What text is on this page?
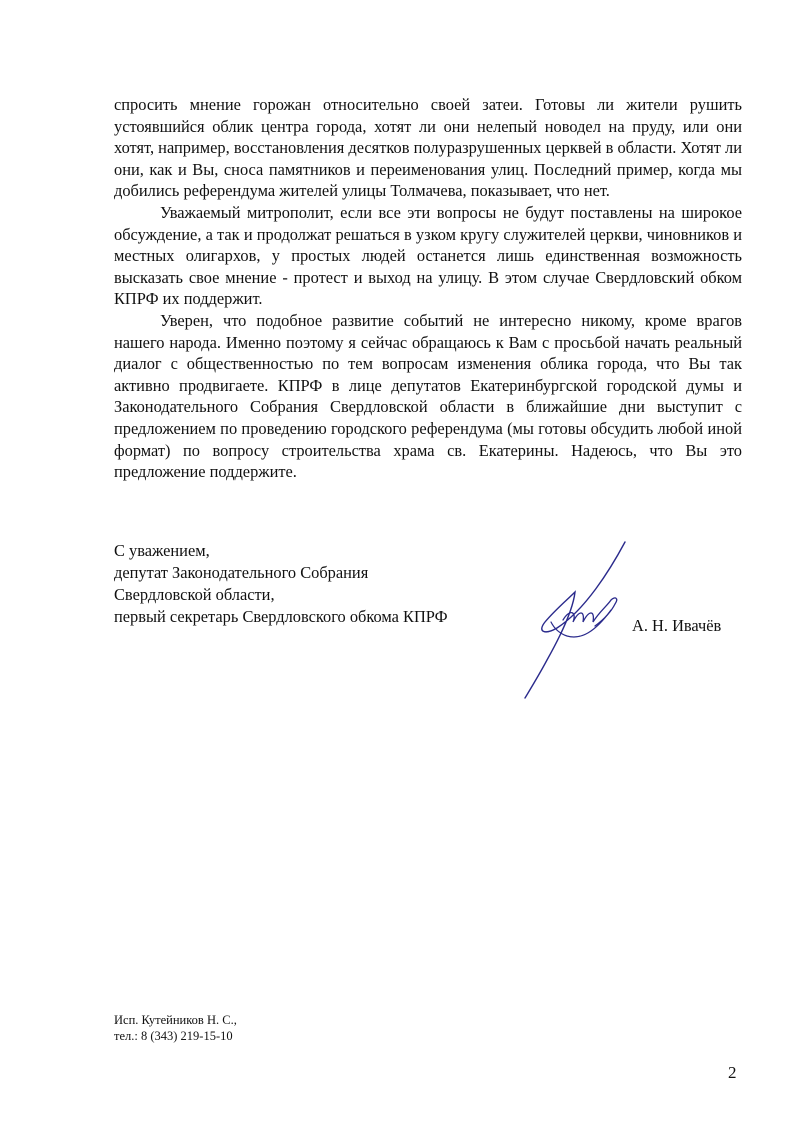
спросить мнение горожан относительно своей затеи. Готовы ли жители рушить устоявшийся облик центра города, хотят ли они нелепый новодел на пруду, или они хотят, например, восстановления десятков полуразрушенных церквей в области. Хотят ли они, как и Вы, сноса памятников и переименования улиц. Последний пример, когда мы добились референдума жителей улицы Толмачева, показывает, что нет.

Уважаемый митрополит, если все эти вопросы не будут поставлены на широкое обсуждение, а так и продолжат решаться в узком кругу служителей церкви, чиновников и местных олигархов, у простых людей останется лишь единственная возможность высказать свое мнение - протест и выход на улицу. В этом случае Свердловский обком КПРФ их поддержит.

Уверен, что подобное развитие событий не интересно никому, кроме врагов нашего народа. Именно поэтому я сейчас обращаюсь к Вам с просьбой начать реальный диалог с общественностью по тем вопросам изменения облика города, что Вы так активно продвигаете. КПРФ в лице депутатов Екатеринбургской городской думы и Законодательного Собрания Свердловской области в ближайшие дни выступит с предложением по проведению городского референдума (мы готовы обсудить любой иной формат) по вопросу строительства храма св. Екатерины. Надеюсь, что Вы это предложение поддержите.

С уважением,
депутат Законодательного Собрания
Свердловской области,
первый секретарь Свердловского обкома КПРФ	А. Н. Ивачёв
Исп. Кутейников Н. С.,
тел.: 8 (343) 219-15-10
2
